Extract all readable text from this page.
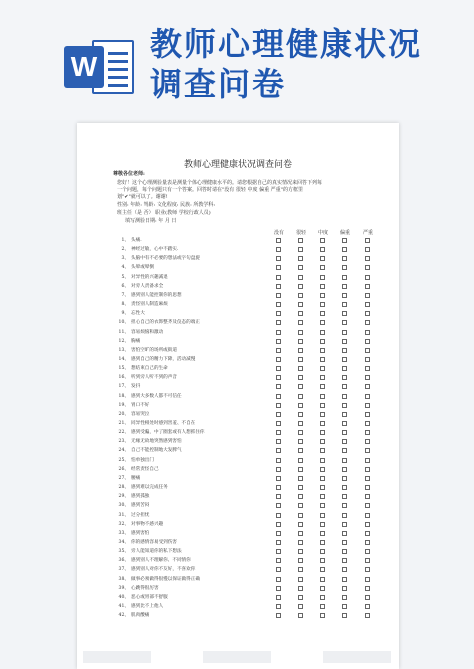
W
教师心理健康状况
调查问卷
教师心理健康状况调查问卷
尊敬各位老师:
您好！这个心理测验量表是测量个体心理健康水平的。请您根据自己的真实情况来回答下列每
一个问题，每个问题只有一个答案。回答时请在"没有 很轻 中度 偏重 严重"的方框里
划"✔"就可以了。谢谢!
性别: 年龄: 驾龄: 文化程度: 民族: 所教学科:
班主任（是 否） 职业(教师 学校行政人员)
填写测验日期: 年 月 日
没有 很轻 中度 偏重	严重
1、 头痛.
2、 神经过敏，心中不踏实.
3、 头脑中有不必要的想法或字句盘旋
4、 头晕或晕倒
5、 对异性的兴趣减退
6、 对旁人责备求全
7、 感到别人能控制你的思想
8、 责怪别人制造麻烦
9、 忘性大
10、 担心自己的衣饰整齐及仪态的端正
11、 容易烦恼和激动
12、 胸痛
13、 害怕空旷的场所或街道
14、 感到自己的精力下降，活动减慢
15、 想结束自己的生命
16、 听到旁人听不到的声音
17、 发抖
18、 感到大多数人都不可信任
19、 胃口不好
20、 容易哭泣
21、 同异性相处时感到害羞、不自在
22、 感到受骗，中了圈套或有人想抓住你
23、 无缘无故地突然感到害怕
24、 自己不能控制地大发脾气
25、 怕单独出门
26、 经常责怪自己
27、 腰痛
28、 感到难以完成任务
29、 感到孤独
30、 感到苦闷
31、 过分担忧
32、 对事物不感兴趣
33、 感到害怕
34、 你的感情容易受到伤害
35、 旁人能知道你的私下想法
36、 感到别人不理解你、不同情你
37、 感到别人对你不友好，不喜欢你
38、 做事必须做得很慢以保证做得正确
39、 心跳得很厉害
40、 恶心或胃部不舒服
41、 感到比不上他人
42、 肌肉酸痛
